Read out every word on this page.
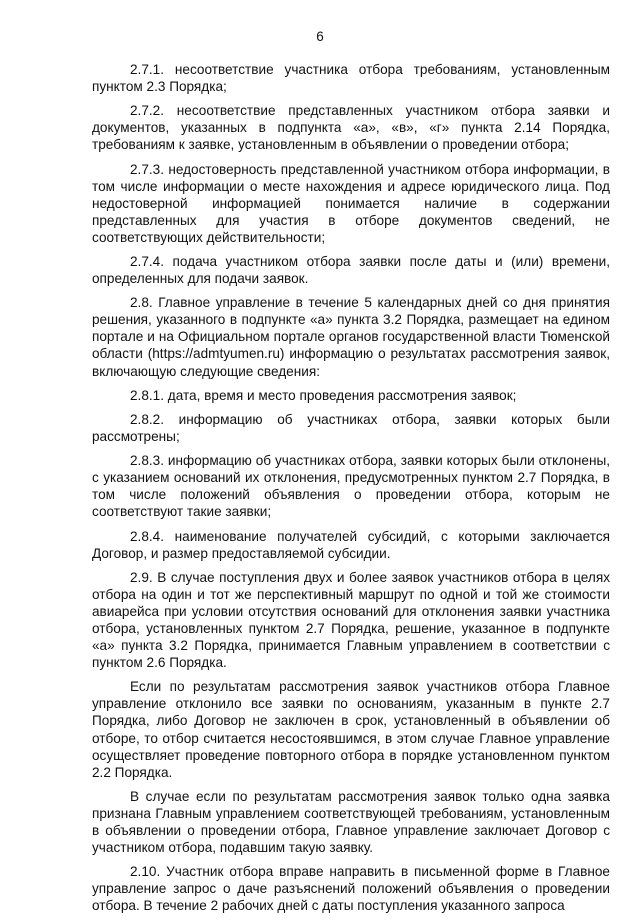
6

2.7.1. несоответствие участника отбора требованиям, установленным пунктом 2.3 Порядка;

2.7.2. несоответствие представленных участником отбора заявки и документов, указанных в подпункта «а», «в», «г» пункта 2.14 Порядка, требованиям к заявке, установленным в объявлении о проведении отбора;

2.7.3. недостоверность представленной участником отбора информации, в том числе информации о месте нахождения и адресе юридического лица. Под недостоверной информацией понимается наличие в содержании представленных для участия в отборе документов сведений, не соответствующих действительности;

2.7.4. подача участником отбора заявки после даты и (или) времени, определенных для подачи заявок.

2.8. Главное управление в течение 5 календарных дней со дня принятия решения, указанного в подпункте «а» пункта 3.2 Порядка, размещает на едином портале и на Официальном портале органов государственной власти Тюменской области (https://admtyumen.ru) информацию о результатах рассмотрения заявок, включающую следующие сведения:

2.8.1. дата, время и место проведения рассмотрения заявок;

2.8.2. информацию об участниках отбора, заявки которых были рассмотрены;

2.8.3. информацию об участниках отбора, заявки которых были отклонены, с указанием оснований их отклонения, предусмотренных пунктом 2.7 Порядка, в том числе положений объявления о проведении отбора, которым не соответствуют такие заявки;

2.8.4. наименование получателей субсидий, с которыми заключается Договор, и размер предоставляемой субсидии.

2.9. В случае поступления двух и более заявок участников отбора в целях отбора на один и тот же перспективный маршрут по одной и той же стоимости авиарейса при условии отсутствия оснований для отклонения заявки участника отбора, установленных пунктом 2.7 Порядка, решение, указанное в подпункте «а» пункта 3.2 Порядка, принимается Главным управлением в соответствии с пунктом 2.6 Порядка.

Если по результатам рассмотрения заявок участников отбора Главное управление отклонило все заявки по основаниям, указанным в пункте 2.7 Порядка, либо Договор не заключен в срок, установленный в объявлении об отборе, то отбор считается несостоявшимся, в этом случае Главное управление осуществляет проведение повторного отбора в порядке установленном пунктом 2.2 Порядка.

В случае если по результатам рассмотрения заявок только одна заявка признана Главным управлением соответствующей требованиям, установленным в объявлении о проведении отбора, Главное управление заключает Договор с участником отбора, подавшим такую заявку.

2.10. Участник отбора вправе направить в письменной форме в Главное управление запрос о даче разъяснений положений объявления о проведении отбора. В течение 2 рабочих дней с даты поступления указанного запроса
